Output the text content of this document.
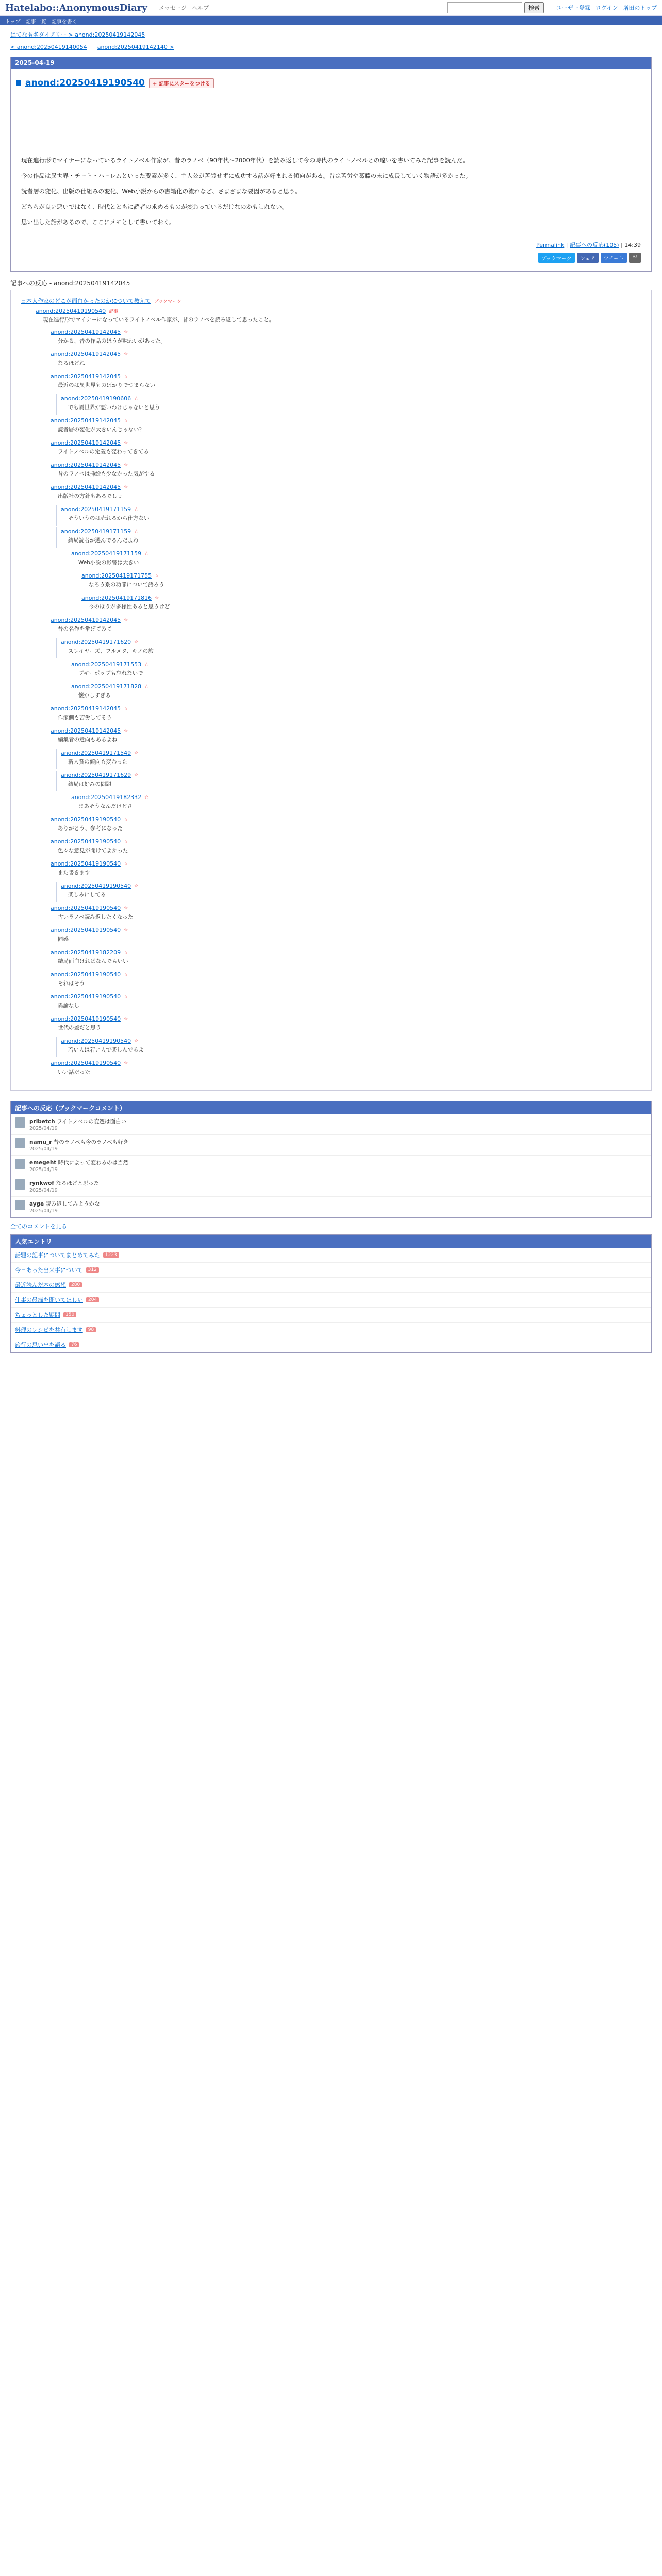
Hatelabo::AnonymousDiary メッセージ ヘルプ	検索	ユーザー登録 ログイン 増田のトップ
トップ 記事一覧 記事を書く
はてな匿名ダイアリー > anond:20250419142045
< anond:20250419140054 anond:20250419142140 >
2025-04-19
anond:20250419190540	+ 記事にスターをつける

現在進行形でマイナーになっているライトノベル作家が、昔のラノベ（90年代〜2000年代）を読み返して今の時代のライトノベルとの違いを書いてみた記事を読んだ。

今の作品は異世界・チート・ハーレムといった要素が多く、主人公が苦労せずに成功する話が好まれる傾向がある。昔は苦労や葛藤の末に成長していく物語が多かった。

読者層の変化、出版の仕組みの変化、Web小説からの書籍化の流れなど、さまざまな要因があると思う。

どちらが良い悪いではなく、時代とともに読者の求めるものが変わっているだけなのかもしれない。

思い出した話があるので、ここにメモとして書いておく。

Permalink | 記事への反応(105) | 14:39
ブックマーク	シェア	ツイート	B!
記事への反応 - anond:20250419142045
日本人作家のどこが面白かったのかについて教えて ブックマーク
anond:20250419190540 記事
現在進行形でマイナーになっているライトノベル作家が、昔のラノベを読み返して思ったこと。
anond:20250419142045 ☆
分かる、昔の作品のほうが味わいがあった。
anond:20250419142045 ☆
なるほどね
anond:20250419142045 ☆
最近のは異世界ものばかりでつまらない
anond:20250419190606 ☆
でも異世界が悪いわけじゃないと思う
anond:20250419142045 ☆
読者層の変化が大きいんじゃない？
anond:20250419142045 ☆
ライトノベルの定義も変わってきてる
anond:20250419142045 ☆
昔のラノベは挿絵も少なかった気がする
anond:20250419142045 ☆
出版社の方針もあるでしょ
anond:20250419171159 ☆
そういうのは売れるから仕方ない
anond:20250419171159 ☆
結局読者が選んでるんだよね
anond:20250419171159 ☆
Web小説の影響は大きい
anond:20250419171755 ☆
なろう系の功罪について語ろう
anond:20250419171816 ☆
今のほうが多様性あると思うけど
anond:20250419142045 ☆
昔の名作を挙げてみて
anond:20250419171620 ☆
スレイヤーズ、フルメタ、キノの旅
anond:20250419171553 ☆
ブギーポップも忘れないで
anond:20250419171828 ☆
懐かしすぎる
anond:20250419142045 ☆
作家側も苦労してそう
anond:20250419142045 ☆
編集者の意向もあるよね
anond:20250419171549 ☆
新人賞の傾向も変わった
anond:20250419171629 ☆
結局は好みの問題
anond:20250419182332 ☆
まあそうなんだけどさ
anond:20250419190540 ☆
ありがとう、参考になった
anond:20250419190540 ☆
色々な意見が聞けてよかった
anond:20250419190540 ☆
また書きます
anond:20250419190540 ☆
楽しみにしてる
anond:20250419190540 ☆
古いラノベ読み返したくなった
anond:20250419190540 ☆
同感
anond:20250419182209 ☆
結局面白ければなんでもいい
anond:20250419190540 ☆
それはそう
anond:20250419190540 ☆
異論なし
anond:20250419190540 ☆
世代の差だと思う
anond:20250419190540 ☆
若い人は若い人で楽しんでるよ
anond:20250419190540 ☆
いい話だった
記事への反応（ブックマークコメント）
pribetch ライトノベルの変遷は面白い
2025/04/19
namu_r 昔のラノベも今のラノベも好き
2025/04/19
emegeht 時代によって変わるのは当然
2025/04/19
rynkwof なるほどと思った
2025/04/19
ayge 読み返してみようかな
2025/04/19
全てのコメントを見る
人気エントリ
話題の記事についてまとめてみた	1223
今日あった出来事について	312
最近読んだ本の感想	280
仕事の愚痴を聞いてほしい	204
ちょっとした疑問	150
料理のレシピを共有します	98
旅行の思い出を語る	76
